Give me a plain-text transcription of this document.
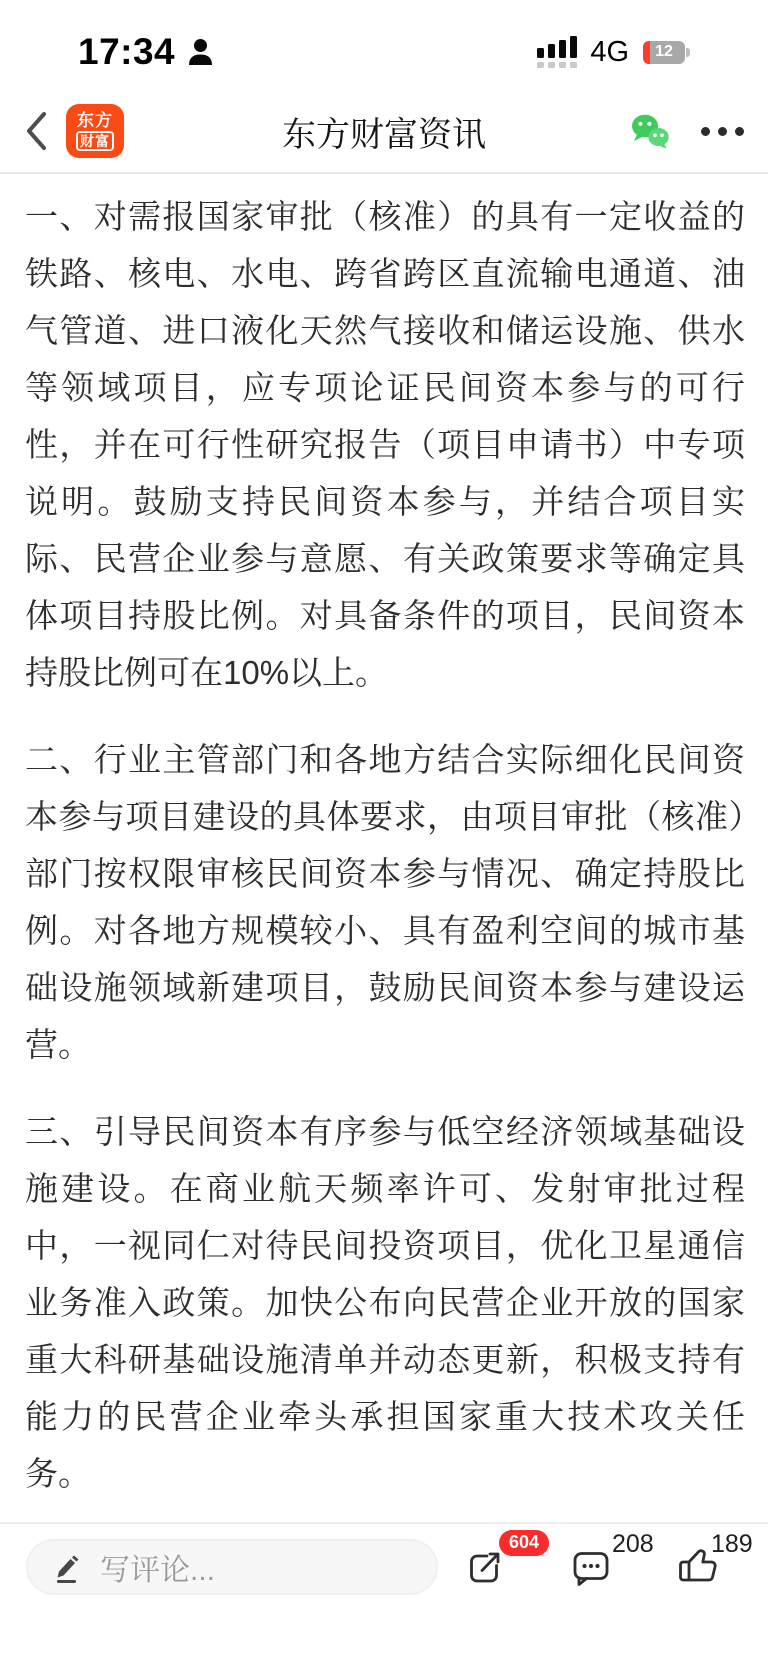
17:34	4G	12
东方
财富	东方财富资讯

一、对需报国家审批（核准）的具有一定收益的铁路、核电、水电、跨省跨区直流输电通道、油气管道、进口液化天然气接收和储运设施、供水等领域项目，应专项论证民间资本参与的可行性，并在可行性研究报告（项目申请书）中专项说明。鼓励支持民间资本参与，并结合项目实际、民营企业参与意愿、有关政策要求等确定具体项目持股比例。对具备条件的项目，民间资本持股比例可在10%以上。

二、行业主管部门和各地方结合实际细化民间资本参与项目建设的具体要求，由项目审批（核准）部门按权限审核民间资本参与情况、确定持股比例。对各地方规模较小、具有盈利空间的城市基础设施领域新建项目，鼓励民间资本参与建设运营。

三、引导民间资本有序参与低空经济领域基础设施建设。在商业航天频率许可、发射审批过程中，一视同仁对待民间投资项目，优化卫星通信业务准入政策。加快公布向民营企业开放的国家重大科研基础设施清单并动态更新，积极支持有能力的民营企业牵头承担国家重大技术攻关任务。

写评论...
604	208 189
